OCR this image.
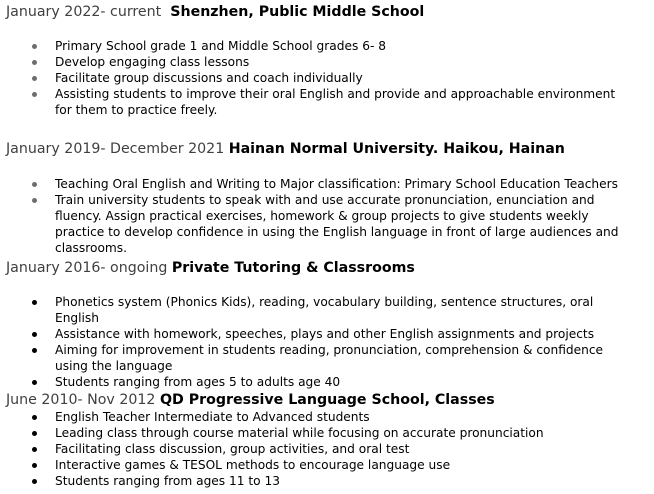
January 2022- current Shenzhen, Public Middle School
Primary School grade 1 and Middle School grades 6- 8
Develop engaging class lessons
Facilitate group discussions and coach individually
Assisting students to improve their oral English and provide and approachable environment for them to practice freely.
January 2019- December 2021 Hainan Normal University. Haikou, Hainan
Teaching Oral English and Writing to Major classification: Primary School Education Teachers
Train university students to speak with and use accurate pronunciation, enunciation and fluency. Assign practical exercises, homework & group projects to give students weekly practice to develop confidence in using the English language in front of large audiences and classrooms.
January 2016- ongoing Private Tutoring & Classrooms
Phonetics system (Phonics Kids), reading, vocabulary building, sentence structures, oral English
Assistance with homework, speeches, plays and other English assignments and projects
Aiming for improvement in students reading, pronunciation, comprehension & confidence using the language
Students ranging from ages 5 to adults age 40
June 2010- Nov 2012 QD Progressive Language School, Classes
English Teacher Intermediate to Advanced students
Leading class through course material while focusing on accurate pronunciation
Facilitating class discussion, group activities, and oral test
Interactive games & TESOL methods to encourage language use
Students ranging from ages 11 to 13
